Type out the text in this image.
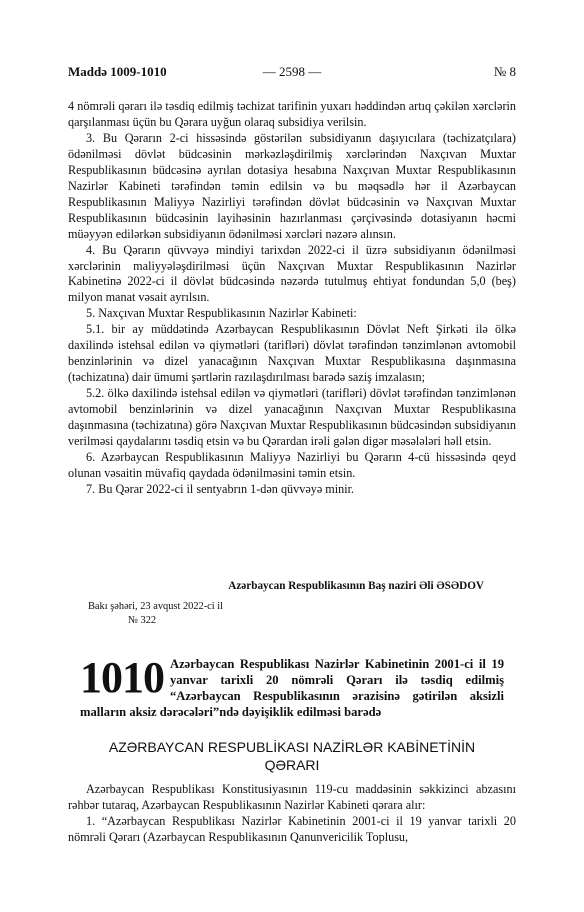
Maddə 1009-1010	— 2598 —	№ 8

4 nömrəli qərarı ilə təsdiq edilmiş təchizat tarifinin yuxarı həddindən artıq çəkilən xərclərin qarşılanması üçün bu Qərara uyğun olaraq subsidiya verilsin.

3. Bu Qərarın 2-ci hissəsində göstərilən subsidiyanın daşıyıcılara (təchizatçılara) ödənilməsi dövlət büdcəsinin mərkəzləşdirilmiş xərclərindən Naxçıvan Muxtar Respublikasının büdcəsinə ayrılan dotasiya hesabına Naxçıvan Muxtar Respublikasının Nazirlər Kabineti tərəfindən təmin edilsin və bu məqsədlə hər il Azərbaycan Respublikasının Maliyyə Nazirliyi tərəfindən dövlət büdcəsinin və Naxçıvan Muxtar Respublikasının büdcəsinin layihəsinin hazırlanması çərçivəsində dotasiyanın həcmi müəyyən edilərkən subsidiyanın ödənilməsi xərcləri nəzərə alınsın.

4. Bu Qərarın qüvvəyə mindiyi tarixdən 2022-ci il üzrə subsidiyanın ödənilməsi xərclərinin maliyyələşdirilməsi üçün Naxçıvan Muxtar Respublikasının Nazirlər Kabinetinə 2022-ci il dövlət büdcəsində nəzərdə tutulmuş ehtiyat fondundan 5,0 (beş) milyon manat vəsait ayrılsın.

5. Naxçıvan Muxtar Respublikasının Nazirlər Kabineti:

5.1. bir ay müddətində Azərbaycan Respublikasının Dövlət Neft Şirkəti ilə ölkə daxilində istehsal edilən və qiymətləri (tarifləri) dövlət tərəfindən tənzimlənən avtomobil benzinlərinin və dizel yanacağının Naxçıvan Muxtar Respublikasına daşınmasına (təchizatına) dair ümumi şərtlərin razılaşdırılması barədə saziş imzalasın;

5.2. ölkə daxilində istehsal edilən və qiymətləri (tarifləri) dövlət tərəfindən tənzimlənən avtomobil benzinlərinin və dizel yanacağının Naxçıvan Muxtar Respublikasına daşınmasına (təchizatına) görə Naxçıvan Muxtar Respublikasının büdcəsindən subsidiyanın verilməsi qaydalarını təsdiq etsin və bu Qərardan irəli gələn digər məsələləri həll etsin.

6. Azərbaycan Respublikasının Maliyyə Nazirliyi bu Qərarın 4-cü hissəsində qeyd olunan vəsaitin müvafiq qaydada ödənilməsini təmin etsin.

7. Bu Qərar 2022-ci il sentyabrın 1-dən qüvvəyə minir.

Azərbaycan Respublikasının Baş naziri Əli ƏSƏDOV
Bakı şəhəri, 23 avqust 2022-ci il
№ 322
1010 Azərbaycan Respublikası Nazirlər Kabinetinin 2001-ci il 19 yanvar tarixli 20 nömrəli Qərarı ilə təsdiq edilmiş “Azərbaycan Respublikasının ərazisinə gətirilən aksizli malların aksiz dərəcələri”ndə dəyişiklik edilməsi barədə
AZƏRBAYCAN RESPUBLİKASI NAZİRLƏR KABİNETİNİN
QƏRARI

Azərbaycan Respublikası Konstitusiyasının 119-cu maddəsinin səkkizinci abzasını rəhbər tutaraq, Azərbaycan Respublikasının Nazirlər Kabineti qərara alır:

1. “Azərbaycan Respublikası Nazirlər Kabinetinin 2001-ci il 19 yanvar tarixli 20 nömrəli Qərarı (Azərbaycan Respublikasının Qanunvericilik Toplusu,
